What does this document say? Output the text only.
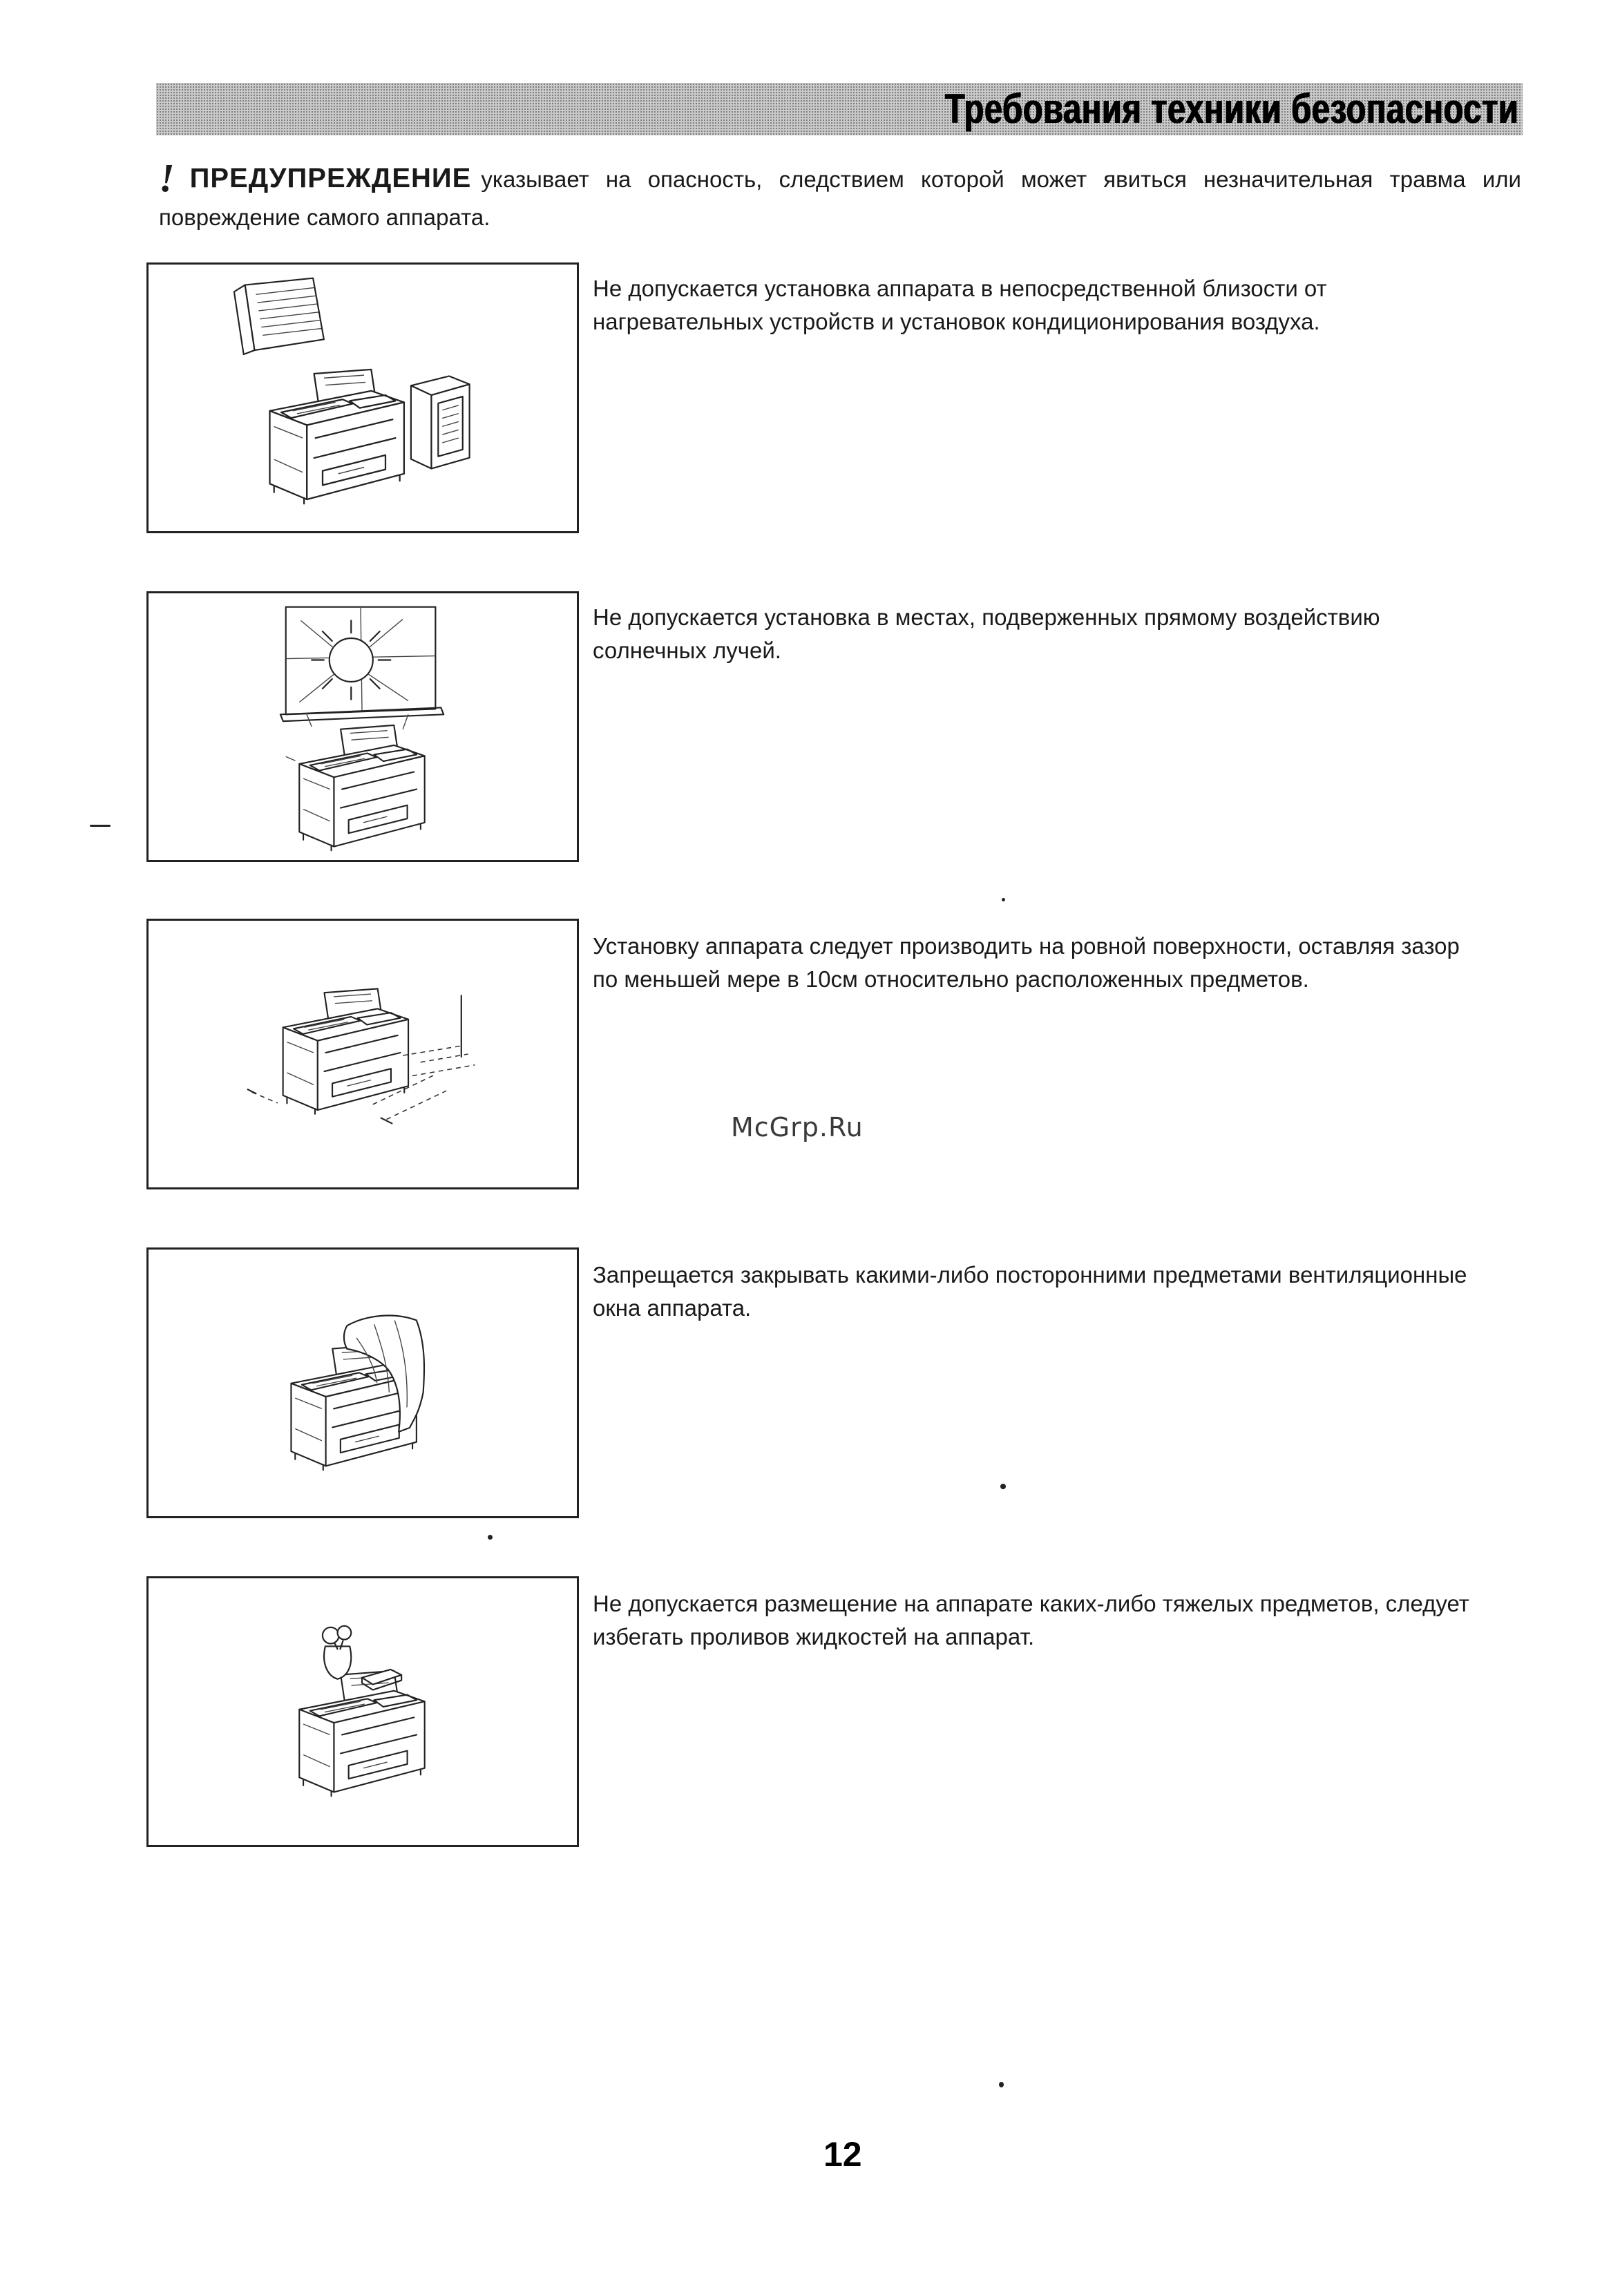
Требования техники безопасности
! ПРЕДУПРЕЖДЕНИЕ указывает на опасность, следствием которой может явиться незначительная травма или повреждение самого аппарата.
Не допускается установка аппарата в непосредственной близости от нагревательных устройств и установок кондиционирования воздуха.
Не допускается установка в местах, подверженных прямому воздействию солнечных лучей.
Установку аппарата следует производить на ровной поверхности, оставляя зазор по меньшей мере в 10см относительно расположенных предметов.
Запрещается закрывать какими-либо посторонними предметами вентиляционные окна аппарата.
Не допускается размещение на аппарате каких-либо тяжелых предметов, следует избегать проливов жидкостей на аппарат.
McGrp.Ru
12
